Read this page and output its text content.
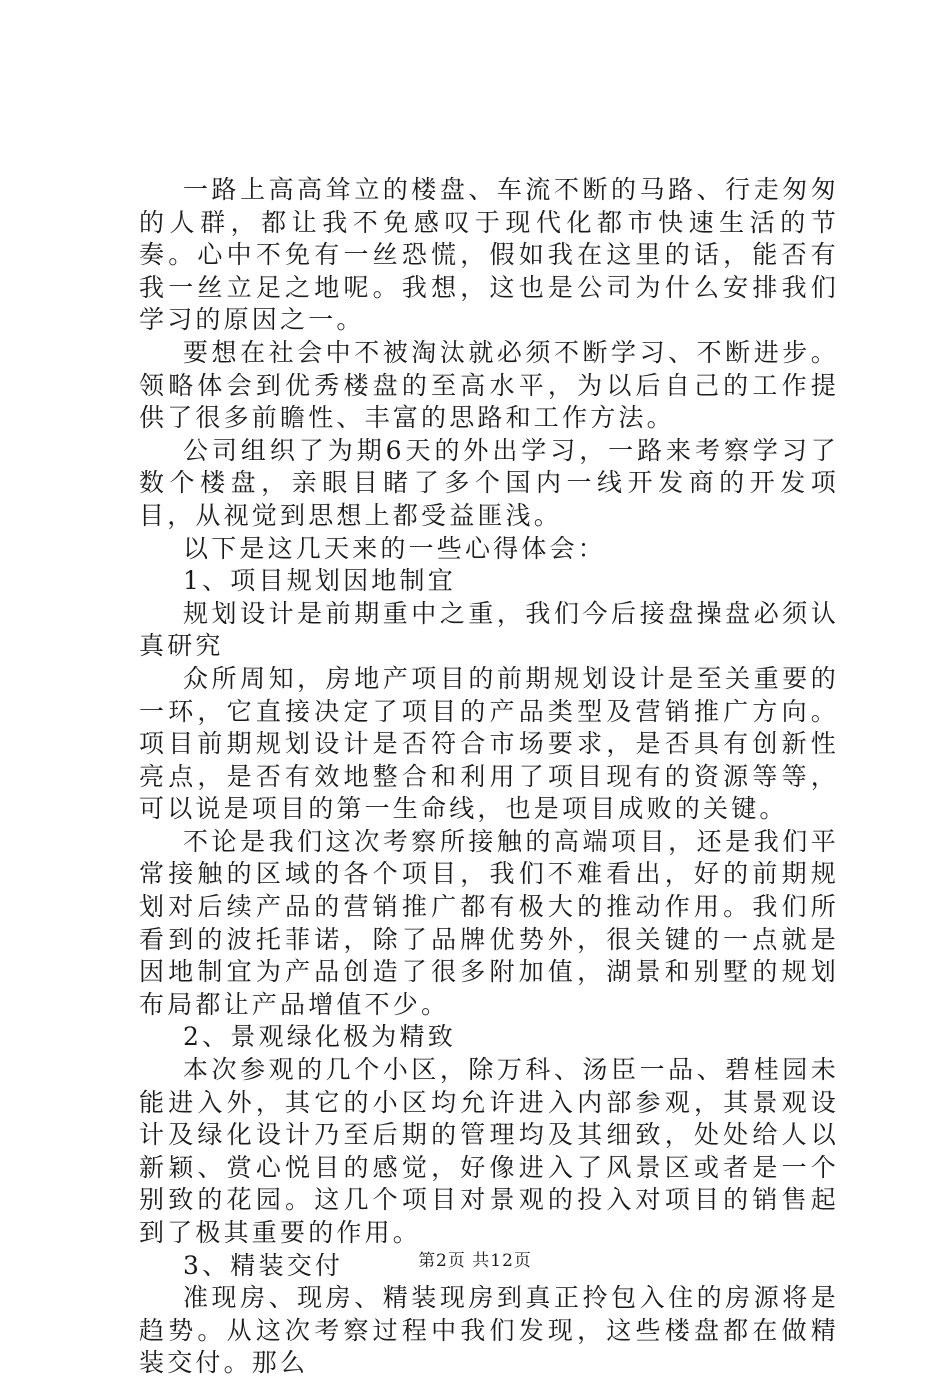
一路上高高耸立的楼盘、车流不断的马路、行走匆匆的人群，都让我不免感叹于现代化都市快速生活的节奏。心中不免有一丝恐慌，假如我在这里的话，能否有我一丝立足之地呢。我想，这也是公司为什么安排我们学习的原因之一。

要想在社会中不被淘汰就必须不断学习、不断进步。领略体会到优秀楼盘的至高水平，为以后自己的工作提供了很多前瞻性、丰富的思路和工作方法。

公司组织了为期6天的外出学习，一路来考察学习了数个楼盘，亲眼目睹了多个国内一线开发商的开发项目，从视觉到思想上都受益匪浅。

以下是这几天来的一些心得体会：

1、项目规划因地制宜

规划设计是前期重中之重，我们今后接盘操盘必须认真研究

众所周知，房地产项目的前期规划设计是至关重要的一环，它直接决定了项目的产品类型及营销推广方向。项目前期规划设计是否符合市场要求，是否具有创新性亮点，是否有效地整合和利用了项目现有的资源等等，可以说是项目的第一生命线，也是项目成败的关键。

不论是我们这次考察所接触的高端项目，还是我们平常接触的区域的各个项目，我们不难看出，好的前期规划对后续产品的营销推广都有极大的推动作用。我们所看到的波托菲诺，除了品牌优势外，很关键的一点就是因地制宜为产品创造了很多附加值，湖景和别墅的规划布局都让产品增值不少。

2、景观绿化极为精致

本次参观的几个小区，除万科、汤臣一品、碧桂园未能进入外，其它的小区均允许进入内部参观，其景观设计及绿化设计乃至后期的管理均及其细致，处处给人以新颖、赏心悦目的感觉，好像进入了风景区或者是一个别致的花园。这几个项目对景观的投入对项目的销售起到了极其重要的作用。

3、精装交付

准现房、现房、精装现房到真正拎包入住的房源将是趋势。从这次考察过程中我们发现，这些楼盘都在做精装交付。那么

第2页 共12页
